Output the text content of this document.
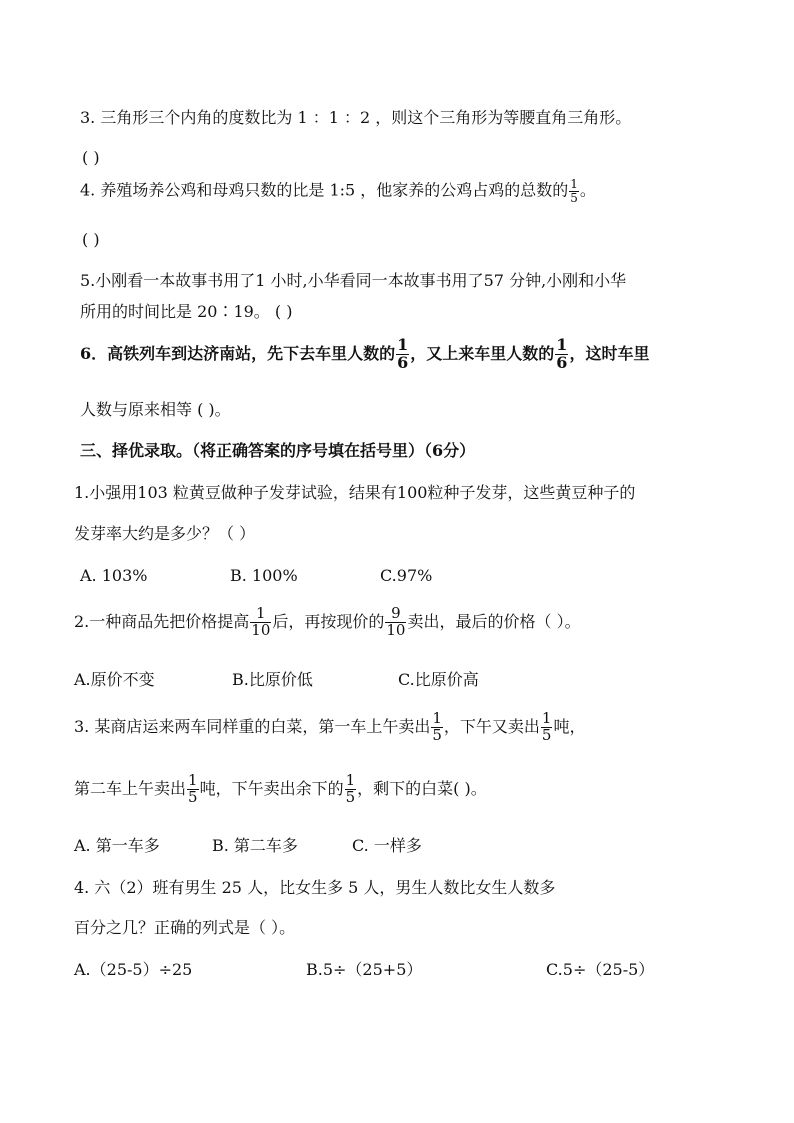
3. 三角形三个内角的度数比为 1 ：1 ：2 ，则这个三角形为等腰直角三角形。
( )
4. 养殖场养公鸡和母鸡只数的比是 1:5 ，他家养的公鸡占鸡的总数的 $\frac{1}{5}$ 。
( )
5.小刚看一本故事书用了1 小时,小华看同一本故事书用了57 分钟,小刚和小华
所用的时间比是 20∶19。 ( )
6．高铁列车到达济南站，先下去车里人数的 $\frac{1}{6}$ ，又上来车里人数的 $\frac{1}{6}$ ，这时车里
人数与原来相等 ( )。
三、择优录取。（将正确答案的序号填在括号里）（6分）
1.小强用103 粒黄豆做种子发芽试验，结果有100粒种子发芽，这些黄豆种子的
发芽率大约是多少？（ ）
A. 103%	B. 100%	C.97%
2.一种商品先把价格提高 $\frac{1}{10}$ 后，再按现价的 $\frac{9}{10}$ 卖出，最后的价格（ ）。
A.原价不变	B.比原价低	C.比原价高
3. 某商店运来两车同样重的白菜，第一车上午卖出 $\frac{1}{5}$ ，下午又卖出 $\frac{1}{5}$ 吨，
第二车上午卖出 $\frac{1}{5}$ 吨，下午卖出余下的 $\frac{1}{5}$ ，剩下的白菜( )。
A. 第一车多	B. 第二车多	C. 一样多
4. 六（2）班有男生 25 人，比女生多 5 人，男生人数比女生人数多
百分之几？正确的列式是（ ）。
A.（25-5）÷25	B.5÷（25+5）	C.5÷（25-5）
